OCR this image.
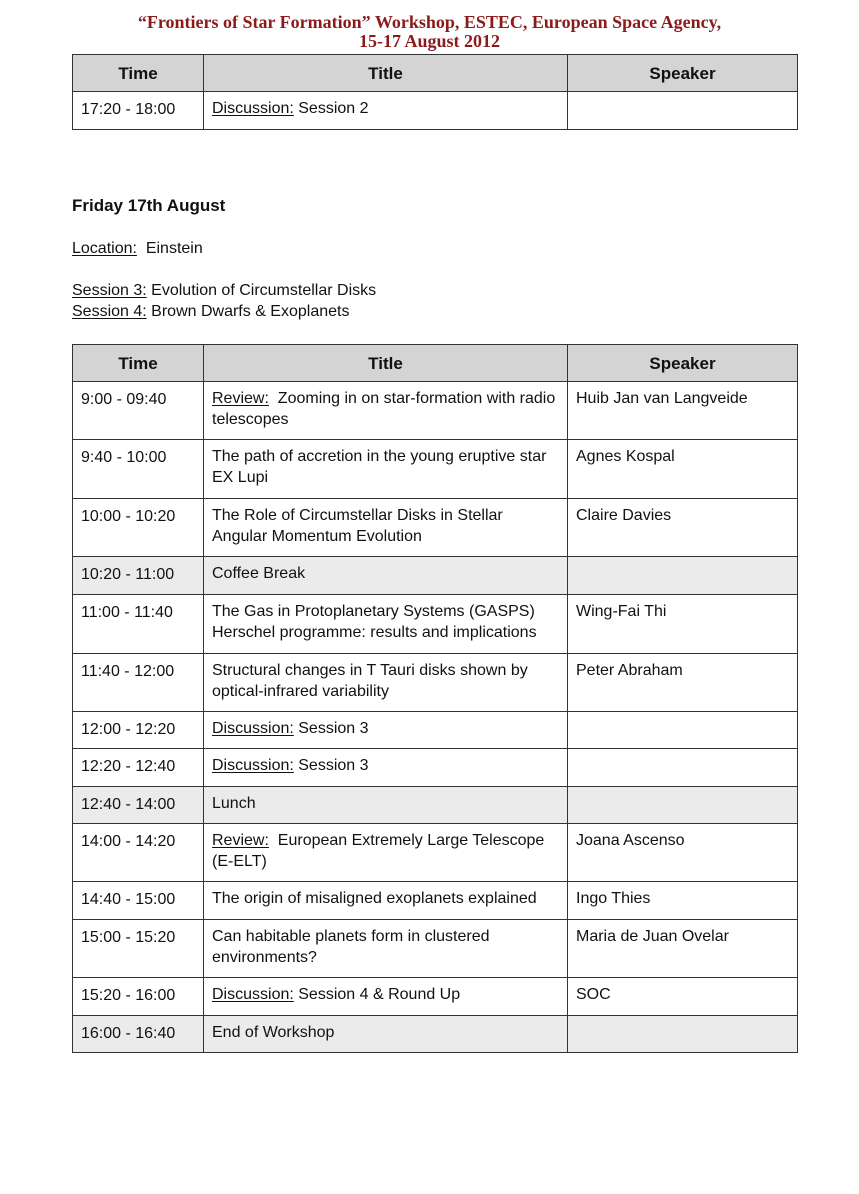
“Frontiers of Star Formation” Workshop, ESTEC, European Space Agency,
15-17 August 2012
Time	Title	Speaker
17:20 - 18:00	Discussion: Session 2	
Friday 17th August
Location:  Einstein
Session 3: Evolution of Circumstellar Disks
Session 4: Brown Dwarfs & Exoplanets
Time	Title	Speaker
9:00 - 09:40	Review:  Zooming in on star-formation with radio telescopes	Huib Jan van Langveide
9:40 - 10:00	The path of accretion in the young eruptive star EX Lupi	Agnes Kospal
10:00 - 10:20	The Role of Circumstellar Disks in Stellar Angular Momentum Evolution	Claire Davies
10:20 - 11:00	Coffee Break	
11:00 - 11:40	The Gas in Protoplanetary Systems (GASPS) Herschel programme: results and implications	Wing-Fai Thi
11:40 - 12:00	Structural changes in T Tauri disks shown by optical-infrared variability	Peter Abraham
12:00 - 12:20	Discussion: Session 3	
12:20 - 12:40	Discussion: Session 3	
12:40 - 14:00	Lunch	
14:00 - 14:20	Review:  European Extremely Large Telescope (E-ELT)	Joana Ascenso
14:40 - 15:00	The origin of misaligned exoplanets explained	Ingo Thies
15:00 - 15:20	Can habitable planets form in clustered environments?	Maria de Juan Ovelar
15:20 - 16:00	Discussion: Session 4 & Round Up	SOC
16:00 - 16:40	End of Workshop	
